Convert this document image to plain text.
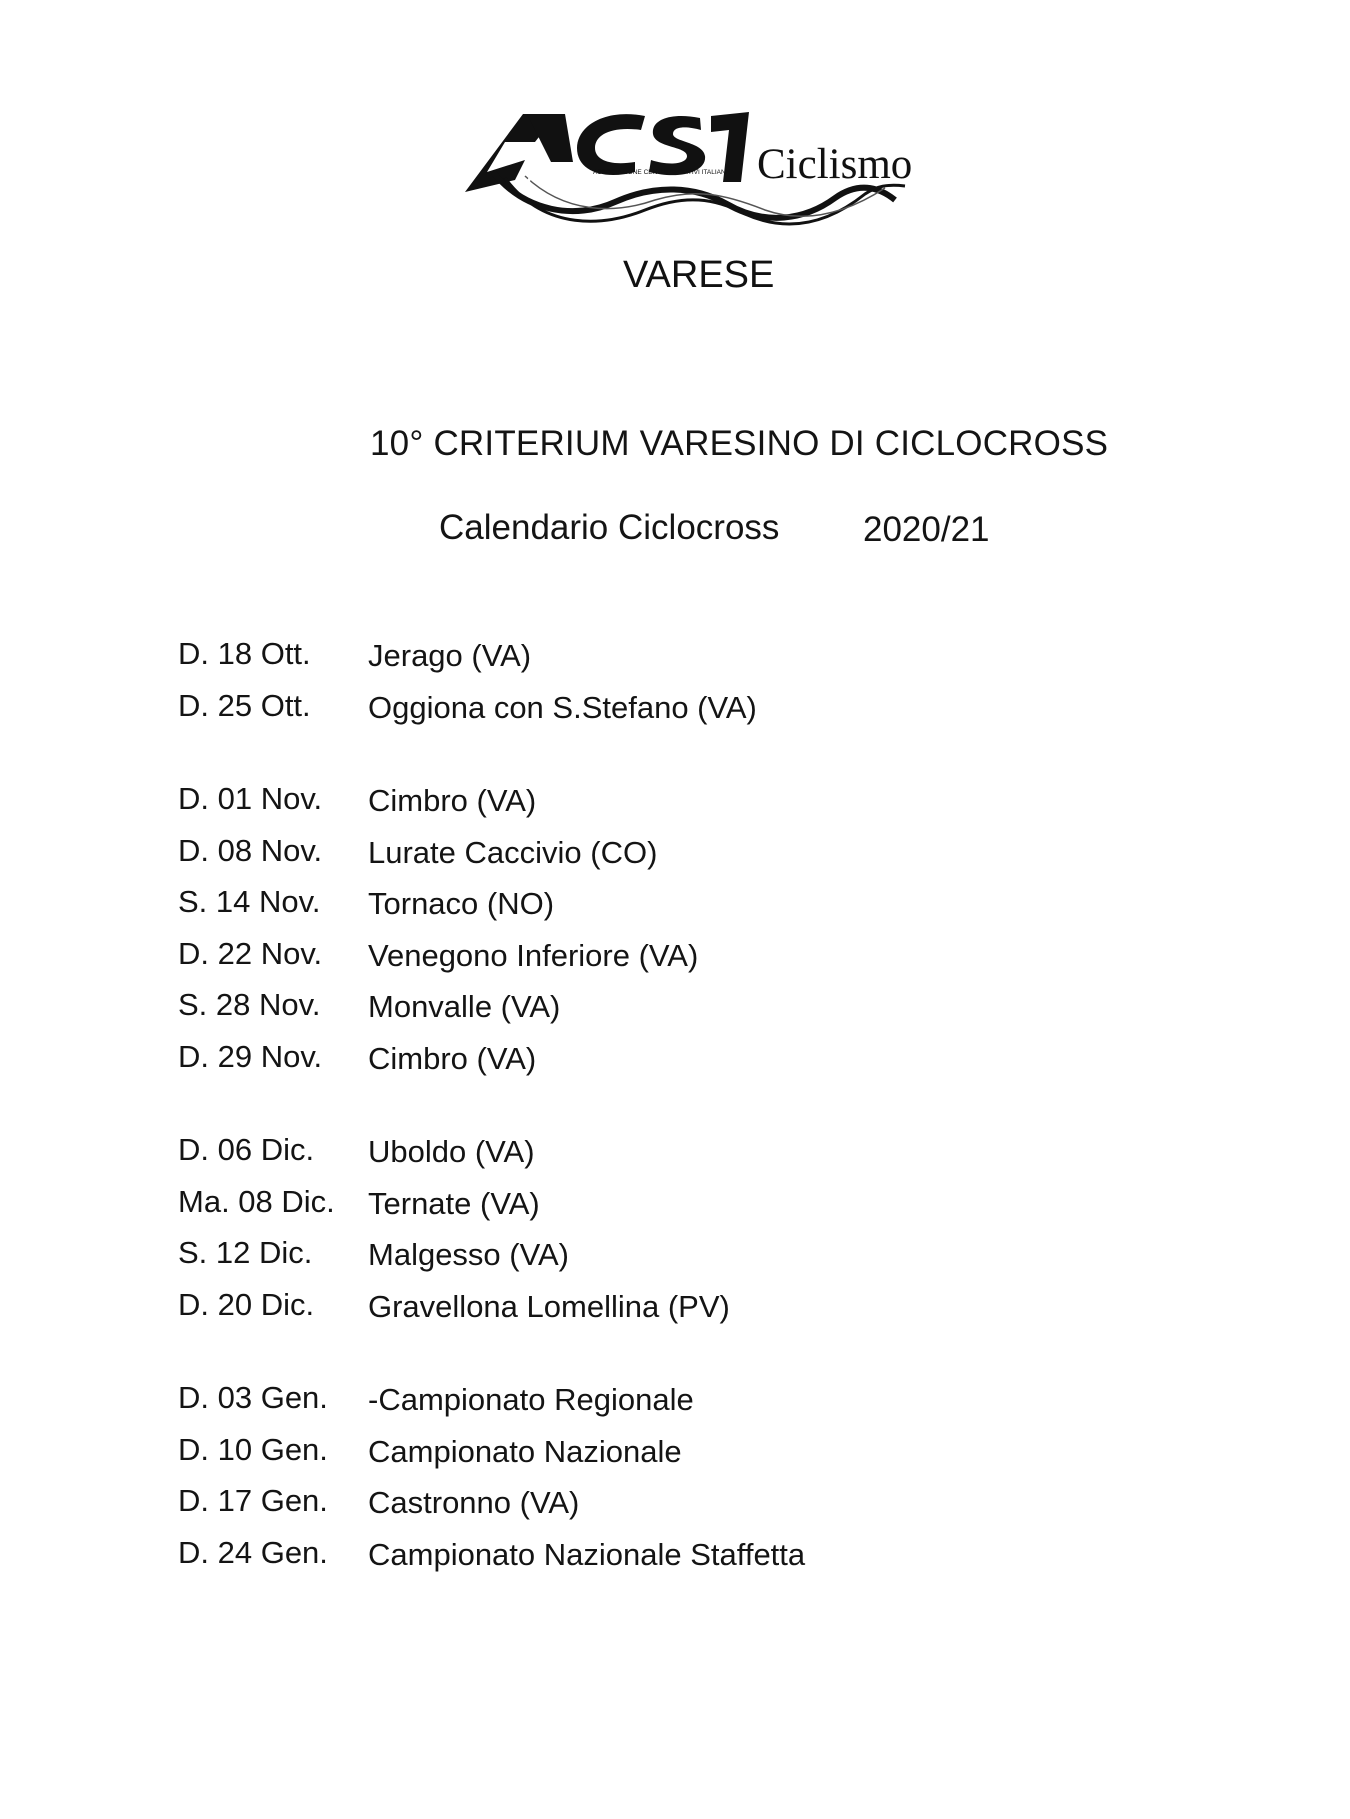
ASSOCIAZIONE CENTRI SPORTIVI ITALIANI Ciclismo
VARESE
10° CRITERIUM VARESINO DI CICLOCROSS
Calendario Ciclocross 2020/21
D. 18 Ott. Jerago (VA)
D. 25 Ott. Oggiona con S.Stefano (VA)
D. 01 Nov. Cimbro (VA)
D. 08 Nov. Lurate Caccivio (CO)
S. 14 Nov. Tornaco (NO)
D. 22 Nov. Venegono Inferiore (VA)
S. 28 Nov. Monvalle (VA)
D. 29 Nov. Cimbro (VA)
D. 06 Dic. Uboldo (VA)
Ma. 08 Dic. Ternate (VA)
S. 12 Dic. Malgesso (VA)
D. 20 Dic. Gravellona Lomellina (PV)
D. 03 Gen. -Campionato Regionale
D. 10 Gen. Campionato Nazionale
D. 17 Gen. Castronno (VA)
D. 24 Gen. Campionato Nazionale Staffetta
